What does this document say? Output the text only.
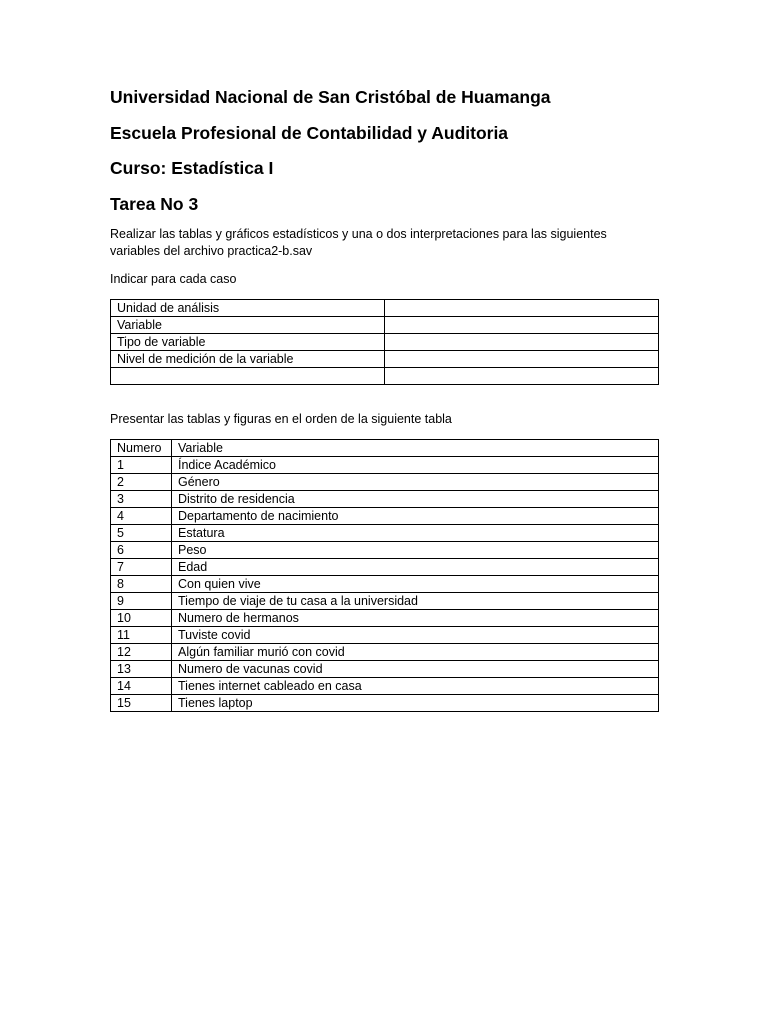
Universidad Nacional de San Cristóbal de Huamanga
Escuela Profesional de Contabilidad y Auditoria
Curso: Estadística I
Tarea No 3

Realizar las tablas y gráficos estadísticos y una o dos interpretaciones para las siguientes
variables del archivo practica2-b.sav

Indicar para cada caso

Unidad de análisis	
Variable	
Tipo de variable	
Nivel de medición de la variable	

Presentar las tablas y figuras en el orden de la siguiente tabla

Numero	Variable
1	Índice Académico
2	Género
3	Distrito de residencia
4	Departamento de nacimiento
5	Estatura
6	Peso
7	Edad
8	Con quien vive
9	Tiempo de viaje de tu casa a la universidad
10	Numero de hermanos
11	Tuviste covid
12	Algún familiar murió con covid
13	Numero de vacunas covid
14	Tienes internet cableado en casa
15	Tienes laptop
